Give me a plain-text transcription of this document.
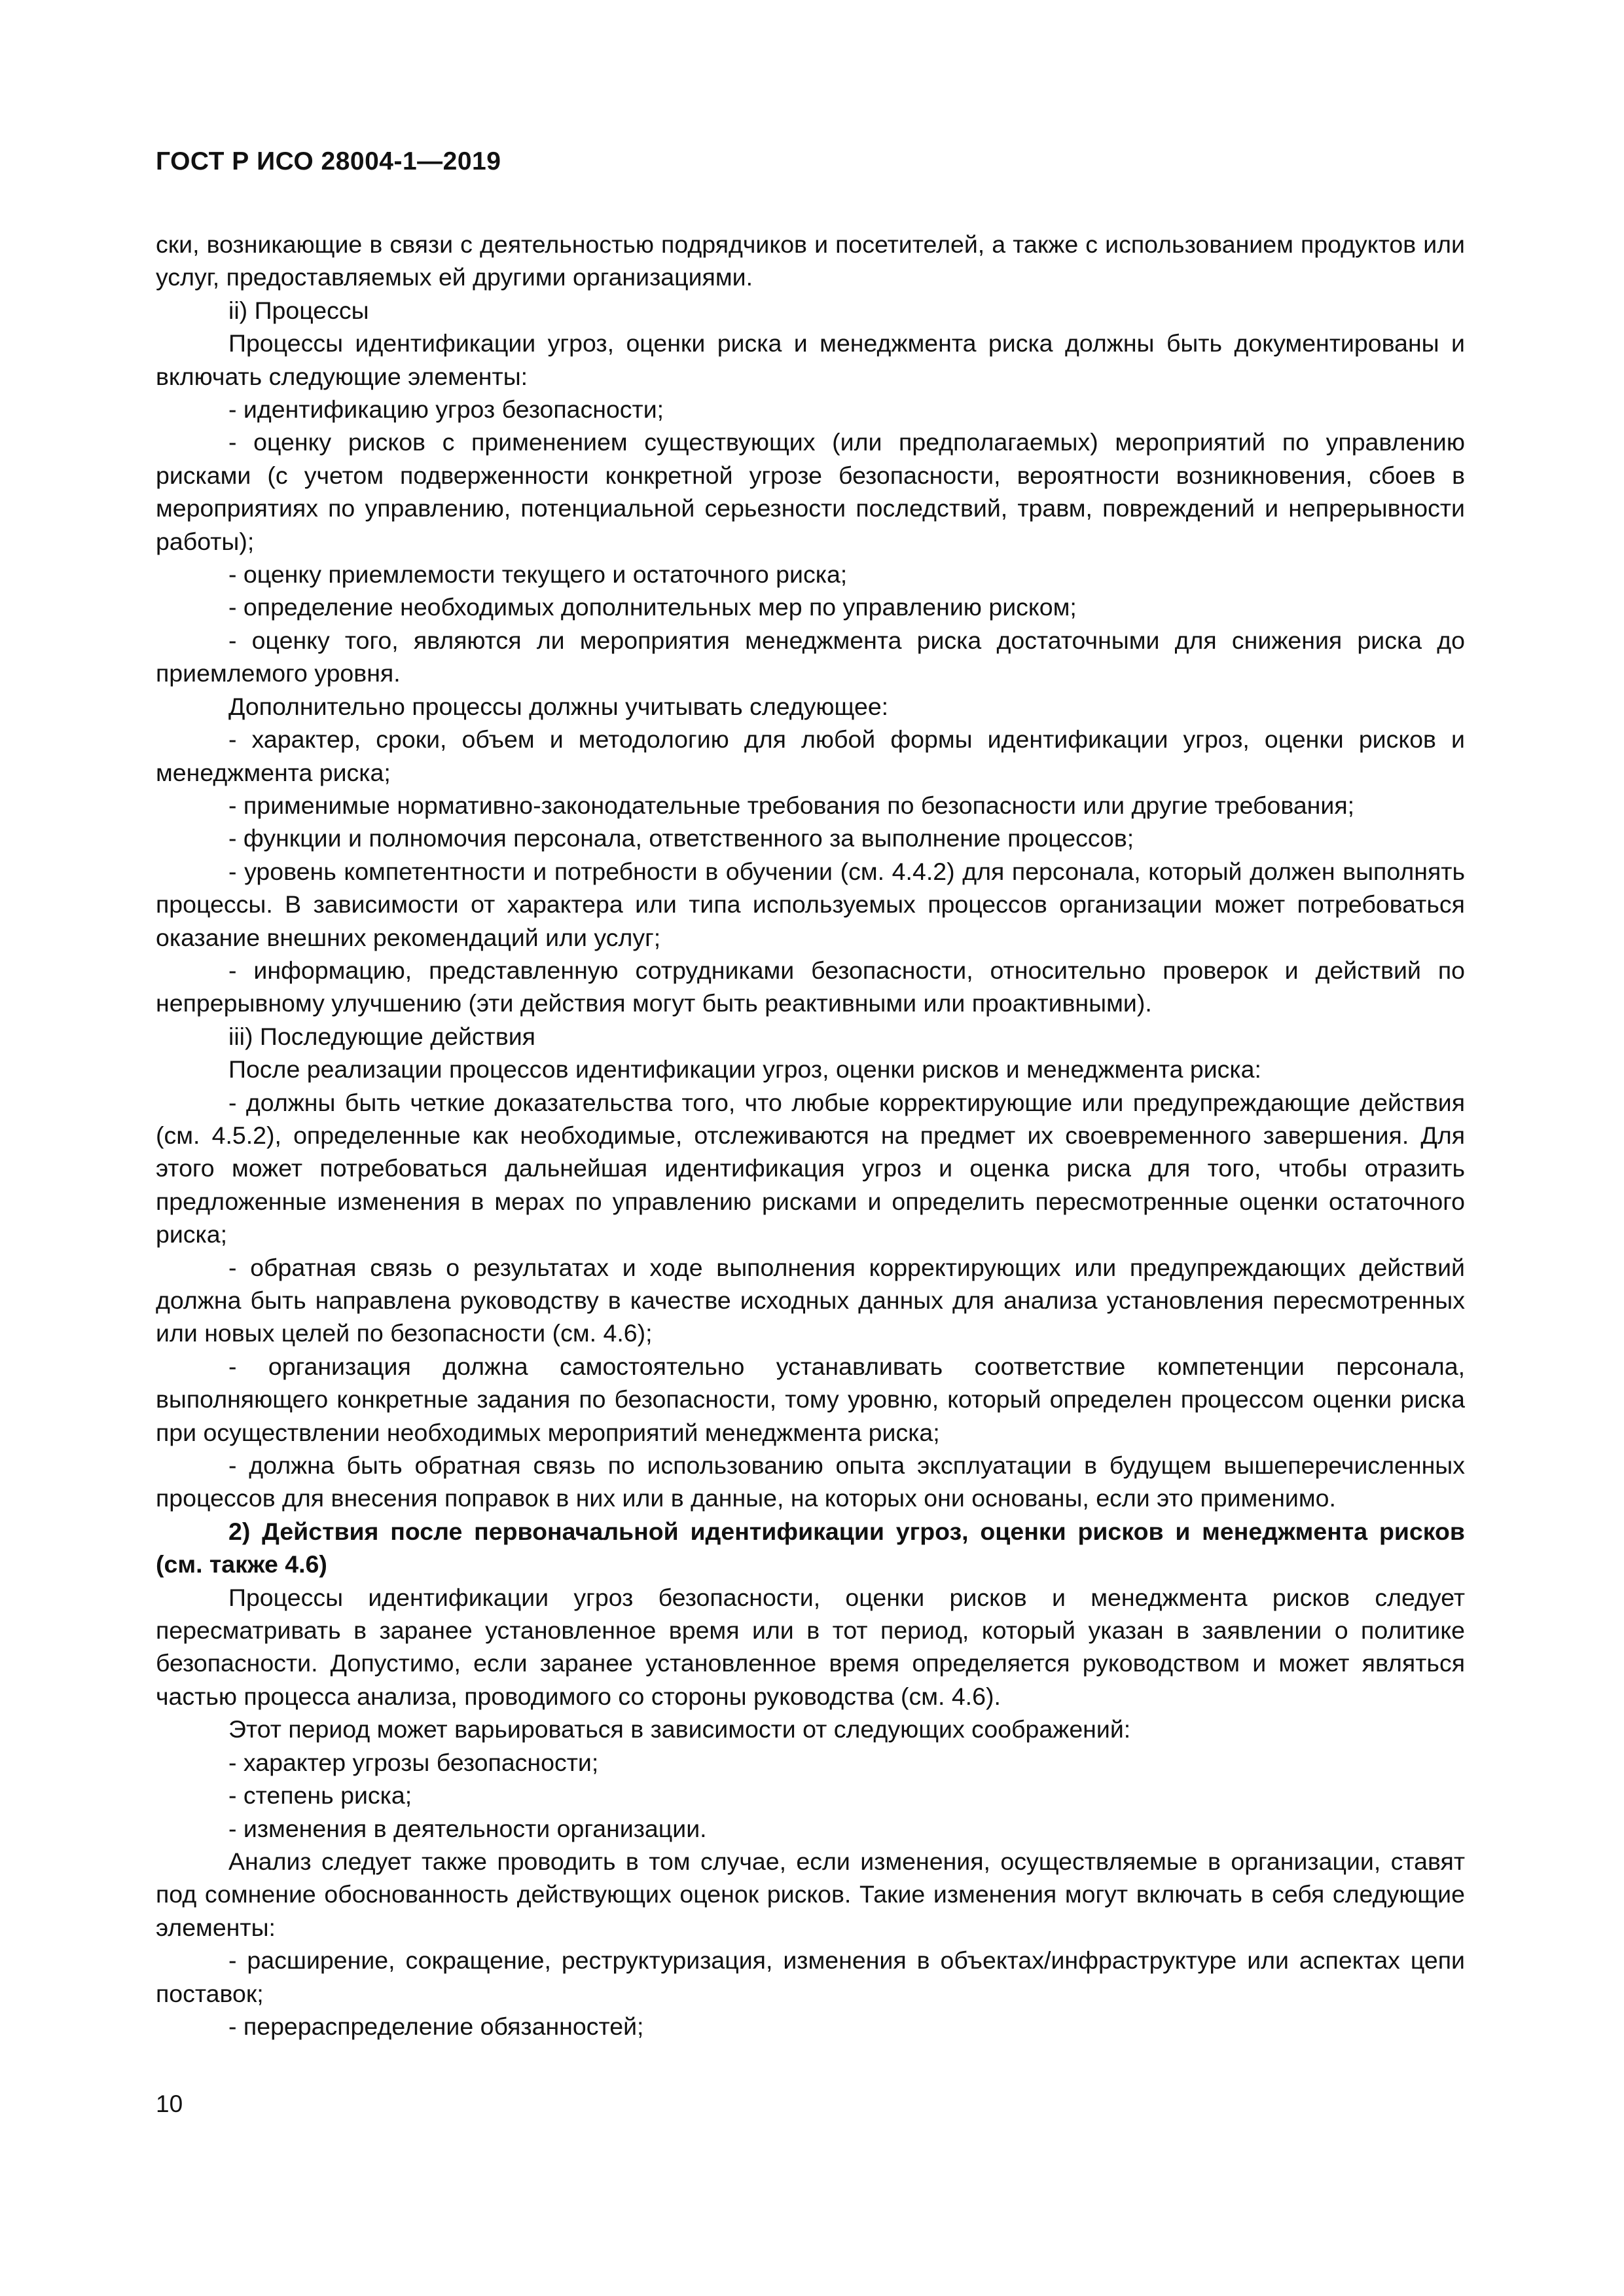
ГОСТ Р ИСО 28004-1—2019

ски, возникающие в связи с деятельностью подрядчиков и посетителей, а также с использованием продуктов или услуг, предоставляемых ей другими организациями.

ii) Процессы

Процессы идентификации угроз, оценки риска и менеджмента риска должны быть документированы и включать следующие элементы:

- идентификацию угроз безопасности;

- оценку рисков с применением существующих (или предполагаемых) мероприятий по управлению рисками (с учетом подверженности конкретной угрозе безопасности, вероятности возникновения, сбоев в мероприятиях по управлению, потенциальной серьезности последствий, травм, повреждений и непрерывности работы);

- оценку приемлемости текущего и остаточного риска;

- определение необходимых дополнительных мер по управлению риском;

- оценку того, являются ли мероприятия менеджмента риска достаточными для снижения риска до приемлемого уровня.

Дополнительно процессы должны учитывать следующее:

- характер, сроки, объем и методологию для любой формы идентификации угроз, оценки рисков и менеджмента риска;

- применимые нормативно-законодательные требования по безопасности или другие требования;

- функции и полномочия персонала, ответственного за выполнение процессов;

- уровень компетентности и потребности в обучении (см. 4.4.2) для персонала, который должен выполнять процессы. В зависимости от характера или типа используемых процессов организации может потребоваться оказание внешних рекомендаций или услуг;

- информацию, представленную сотрудниками безопасности, относительно проверок и действий по непрерывному улучшению (эти действия могут быть реактивными или проактивными).

iii) Последующие действия

После реализации процессов идентификации угроз, оценки рисков и менеджмента риска:

- должны быть четкие доказательства того, что любые корректирующие или предупреждающие действия (см. 4.5.2), определенные как необходимые, отслеживаются на предмет их своевременного завершения. Для этого может потребоваться дальнейшая идентификация угроз и оценка риска для того, чтобы отразить предложенные изменения в мерах по управлению рисками и определить пересмотренные оценки остаточного риска;

- обратная связь о результатах и ходе выполнения корректирующих или предупреждающих действий должна быть направлена руководству в качестве исходных данных для анализа установления пересмотренных или новых целей по безопасности (см. 4.6);

- организация должна самостоятельно устанавливать соответствие компетенции персонала, выполняющего конкретные задания по безопасности, тому уровню, который определен процессом оценки риска при осуществлении необходимых мероприятий менеджмента риска;

- должна быть обратная связь по использованию опыта эксплуатации в будущем вышеперечисленных процессов для внесения поправок в них или в данные, на которых они основаны, если это применимо.

2) Действия после первоначальной идентификации угроз, оценки рисков и менеджмента рисков (см. также 4.6)

Процессы идентификации угроз безопасности, оценки рисков и менеджмента рисков следует пересматривать в заранее установленное время или в тот период, который указан в заявлении о политике безопасности. Допустимо, если заранее установленное время определяется руководством и может являться частью процесса анализа, проводимого со стороны руководства (см. 4.6).

Этот период может варьироваться в зависимости от следующих соображений:

- характер угрозы безопасности;

- степень риска;

- изменения в деятельности организации.

Анализ следует также проводить в том случае, если изменения, осуществляемые в организации, ставят под сомнение обоснованность действующих оценок рисков. Такие изменения могут включать в себя следующие элементы:

- расширение, сокращение, реструктуризация, изменения в объектах/инфраструктуре или аспектах цепи поставок;

- перераспределение обязанностей;

10
